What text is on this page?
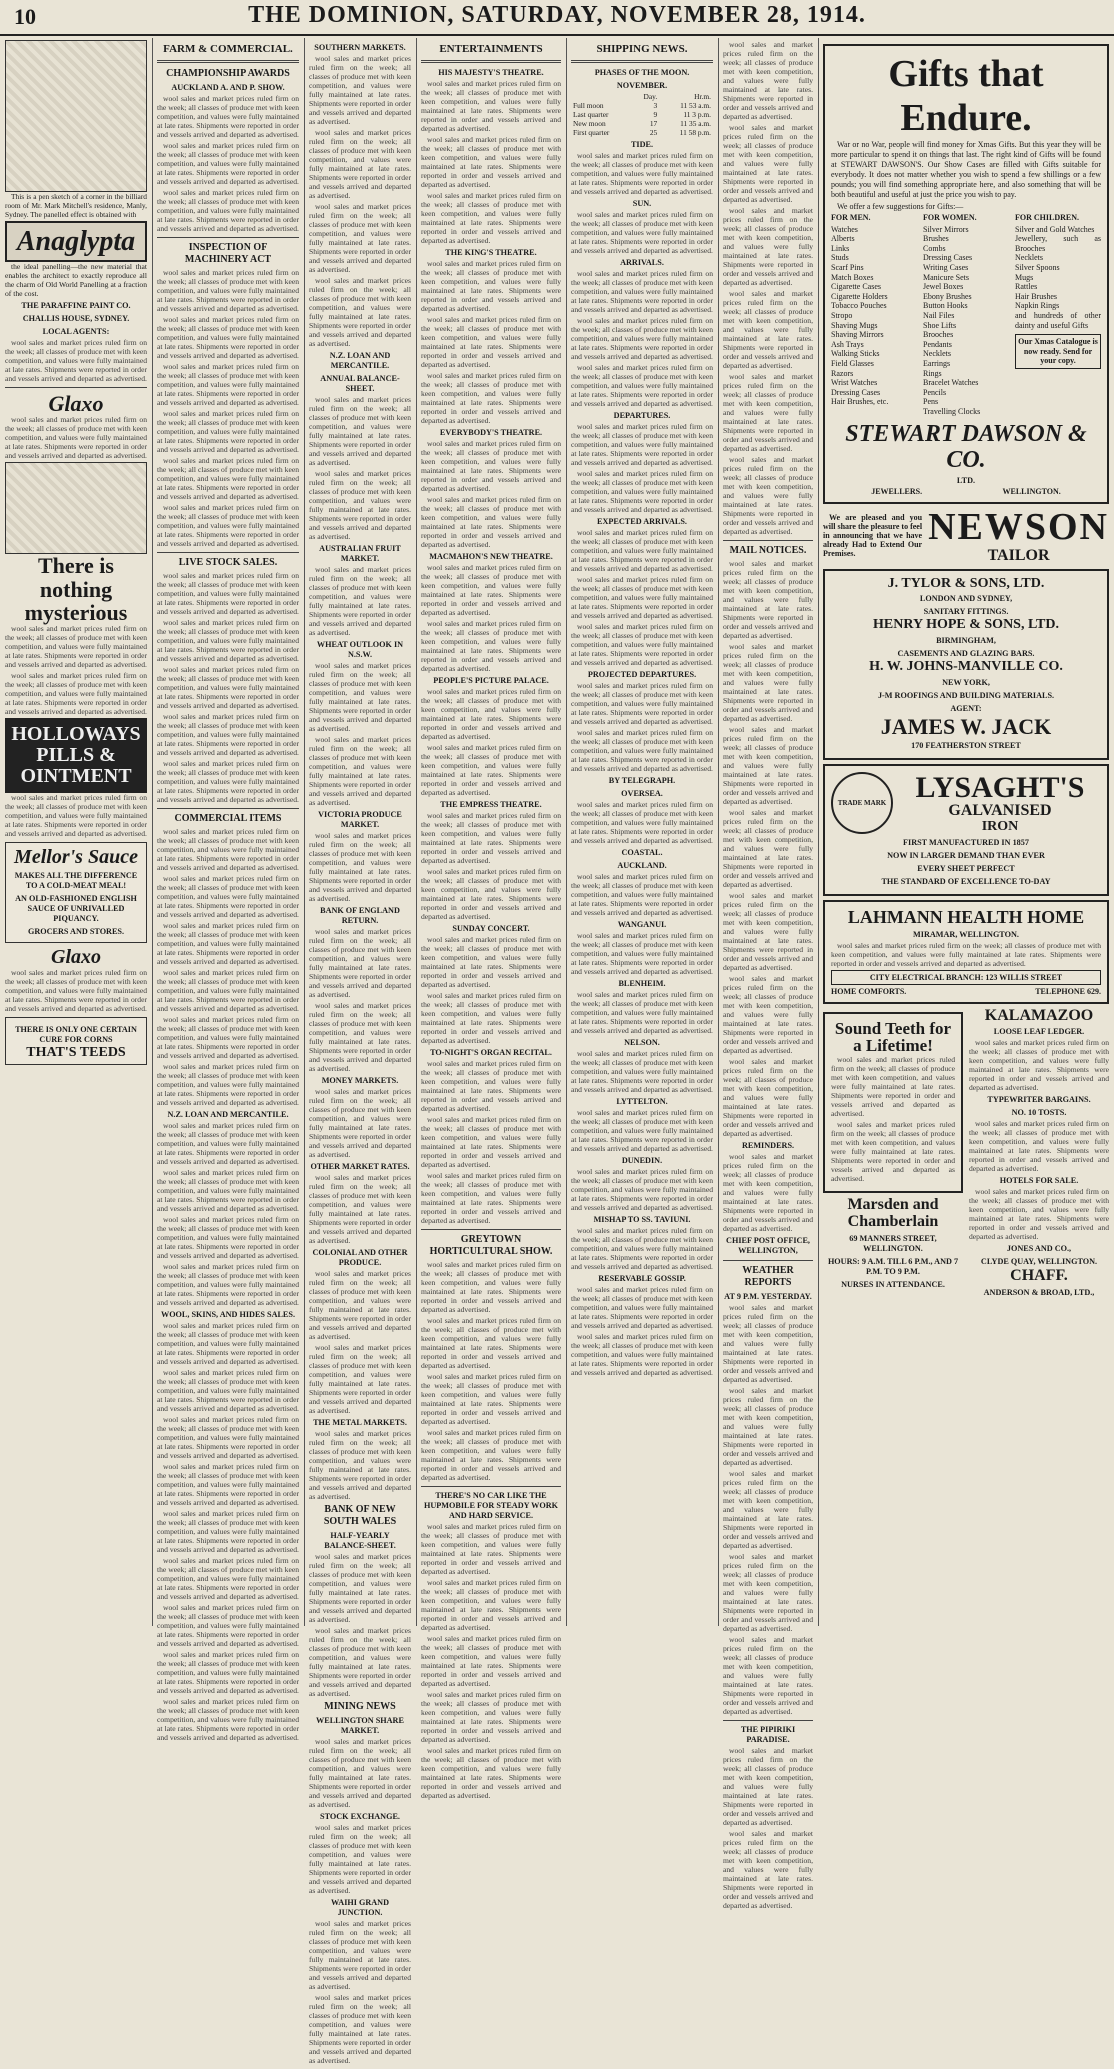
10	THE DOMINION, SATURDAY, NOVEMBER 28, 1914.

This is a pen sketch of a corner in the billiard room of Mr. Mark Mitchell's residence, Manly, Sydney. The panelled effect is obtained with

Anaglypta

the ideal panelling—the new material that enables the architect to exactly reproduce all the charm of Old World Panelling at a fraction of the cost.

THE PARAFFINE PAINT CO.
CHALLIS HOUSE, SYDNEY.
LOCAL AGENTS:

wool sales and market prices ruled firm on the week; all classes of produce met with keen competition, and values were fully maintained at late rates. Shipments were reported in order and vessels arrived and departed as advertised.

Glaxo

wool sales and market prices ruled firm on the week; all classes of produce met with keen competition, and values were fully maintained at late rates. Shipments were reported in order and vessels arrived and departed as advertised.

There is nothing mysterious

wool sales and market prices ruled firm on the week; all classes of produce met with keen competition, and values were fully maintained at late rates. Shipments were reported in order and vessels arrived and departed as advertised.

wool sales and market prices ruled firm on the week; all classes of produce met with keen competition, and values were fully maintained at late rates. Shipments were reported in order and vessels arrived and departed as advertised.

HOLLOWAYS PILLS & OINTMENT

wool sales and market prices ruled firm on the week; all classes of produce met with keen competition, and values were fully maintained at late rates. Shipments were reported in order and vessels arrived and departed as advertised.

Mellor's Sauce
MAKES ALL THE DIFFERENCE TO A COLD-MEAT MEAL!
AN OLD-FASHIONED ENGLISH SAUCE OF UNRIVALLED PIQUANCY.
GROCERS AND STORES.
Glaxo

wool sales and market prices ruled firm on the week; all classes of produce met with keen competition, and values were fully maintained at late rates. Shipments were reported in order and vessels arrived and departed as advertised.

THERE IS ONLY ONE CERTAIN CURE FOR CORNS
THAT'S TEEDS
FARM & COMMERCIAL.
CHAMPIONSHIP AWARDS
AUCKLAND A. AND P. SHOW.

wool sales and market prices ruled firm on the week; all classes of produce met with keen competition, and values were fully maintained at late rates. Shipments were reported in order and vessels arrived and departed as advertised.

wool sales and market prices ruled firm on the week; all classes of produce met with keen competition, and values were fully maintained at late rates. Shipments were reported in order and vessels arrived and departed as advertised.

wool sales and market prices ruled firm on the week; all classes of produce met with keen competition, and values were fully maintained at late rates. Shipments were reported in order and vessels arrived and departed as advertised.

INSPECTION OF MACHINERY ACT

wool sales and market prices ruled firm on the week; all classes of produce met with keen competition, and values were fully maintained at late rates. Shipments were reported in order and vessels arrived and departed as advertised.

wool sales and market prices ruled firm on the week; all classes of produce met with keen competition, and values were fully maintained at late rates. Shipments were reported in order and vessels arrived and departed as advertised.

wool sales and market prices ruled firm on the week; all classes of produce met with keen competition, and values were fully maintained at late rates. Shipments were reported in order and vessels arrived and departed as advertised.

wool sales and market prices ruled firm on the week; all classes of produce met with keen competition, and values were fully maintained at late rates. Shipments were reported in order and vessels arrived and departed as advertised.

wool sales and market prices ruled firm on the week; all classes of produce met with keen competition, and values were fully maintained at late rates. Shipments were reported in order and vessels arrived and departed as advertised.

wool sales and market prices ruled firm on the week; all classes of produce met with keen competition, and values were fully maintained at late rates. Shipments were reported in order and vessels arrived and departed as advertised.

LIVE STOCK SALES.

wool sales and market prices ruled firm on the week; all classes of produce met with keen competition, and values were fully maintained at late rates. Shipments were reported in order and vessels arrived and departed as advertised.

wool sales and market prices ruled firm on the week; all classes of produce met with keen competition, and values were fully maintained at late rates. Shipments were reported in order and vessels arrived and departed as advertised.

wool sales and market prices ruled firm on the week; all classes of produce met with keen competition, and values were fully maintained at late rates. Shipments were reported in order and vessels arrived and departed as advertised.

wool sales and market prices ruled firm on the week; all classes of produce met with keen competition, and values were fully maintained at late rates. Shipments were reported in order and vessels arrived and departed as advertised.

wool sales and market prices ruled firm on the week; all classes of produce met with keen competition, and values were fully maintained at late rates. Shipments were reported in order and vessels arrived and departed as advertised.

COMMERCIAL ITEMS

wool sales and market prices ruled firm on the week; all classes of produce met with keen competition, and values were fully maintained at late rates. Shipments were reported in order and vessels arrived and departed as advertised.

wool sales and market prices ruled firm on the week; all classes of produce met with keen competition, and values were fully maintained at late rates. Shipments were reported in order and vessels arrived and departed as advertised.

wool sales and market prices ruled firm on the week; all classes of produce met with keen competition, and values were fully maintained at late rates. Shipments were reported in order and vessels arrived and departed as advertised.

wool sales and market prices ruled firm on the week; all classes of produce met with keen competition, and values were fully maintained at late rates. Shipments were reported in order and vessels arrived and departed as advertised.

wool sales and market prices ruled firm on the week; all classes of produce met with keen competition, and values were fully maintained at late rates. Shipments were reported in order and vessels arrived and departed as advertised.

wool sales and market prices ruled firm on the week; all classes of produce met with keen competition, and values were fully maintained at late rates. Shipments were reported in order and vessels arrived and departed as advertised.

N.Z. LOAN AND MERCANTILE.

wool sales and market prices ruled firm on the week; all classes of produce met with keen competition, and values were fully maintained at late rates. Shipments were reported in order and vessels arrived and departed as advertised.

wool sales and market prices ruled firm on the week; all classes of produce met with keen competition, and values were fully maintained at late rates. Shipments were reported in order and vessels arrived and departed as advertised.

wool sales and market prices ruled firm on the week; all classes of produce met with keen competition, and values were fully maintained at late rates. Shipments were reported in order and vessels arrived and departed as advertised.

wool sales and market prices ruled firm on the week; all classes of produce met with keen competition, and values were fully maintained at late rates. Shipments were reported in order and vessels arrived and departed as advertised.

WOOL, SKINS, AND HIDES SALES.

wool sales and market prices ruled firm on the week; all classes of produce met with keen competition, and values were fully maintained at late rates. Shipments were reported in order and vessels arrived and departed as advertised.

wool sales and market prices ruled firm on the week; all classes of produce met with keen competition, and values were fully maintained at late rates. Shipments were reported in order and vessels arrived and departed as advertised.

wool sales and market prices ruled firm on the week; all classes of produce met with keen competition, and values were fully maintained at late rates. Shipments were reported in order and vessels arrived and departed as advertised.

wool sales and market prices ruled firm on the week; all classes of produce met with keen competition, and values were fully maintained at late rates. Shipments were reported in order and vessels arrived and departed as advertised.

wool sales and market prices ruled firm on the week; all classes of produce met with keen competition, and values were fully maintained at late rates. Shipments were reported in order and vessels arrived and departed as advertised.

wool sales and market prices ruled firm on the week; all classes of produce met with keen competition, and values were fully maintained at late rates. Shipments were reported in order and vessels arrived and departed as advertised.

wool sales and market prices ruled firm on the week; all classes of produce met with keen competition, and values were fully maintained at late rates. Shipments were reported in order and vessels arrived and departed as advertised.

wool sales and market prices ruled firm on the week; all classes of produce met with keen competition, and values were fully maintained at late rates. Shipments were reported in order and vessels arrived and departed as advertised.

wool sales and market prices ruled firm on the week; all classes of produce met with keen competition, and values were fully maintained at late rates. Shipments were reported in order and vessels arrived and departed as advertised.

SOUTHERN MARKETS.

wool sales and market prices ruled firm on the week; all classes of produce met with keen competition, and values were fully maintained at late rates. Shipments were reported in order and vessels arrived and departed as advertised.

wool sales and market prices ruled firm on the week; all classes of produce met with keen competition, and values were fully maintained at late rates. Shipments were reported in order and vessels arrived and departed as advertised.

wool sales and market prices ruled firm on the week; all classes of produce met with keen competition, and values were fully maintained at late rates. Shipments were reported in order and vessels arrived and departed as advertised.

wool sales and market prices ruled firm on the week; all classes of produce met with keen competition, and values were fully maintained at late rates. Shipments were reported in order and vessels arrived and departed as advertised.

N.Z. LOAN AND MERCANTILE.
ANNUAL BALANCE-SHEET.

wool sales and market prices ruled firm on the week; all classes of produce met with keen competition, and values were fully maintained at late rates. Shipments were reported in order and vessels arrived and departed as advertised.

wool sales and market prices ruled firm on the week; all classes of produce met with keen competition, and values were fully maintained at late rates. Shipments were reported in order and vessels arrived and departed as advertised.

AUSTRALIAN FRUIT MARKET.

wool sales and market prices ruled firm on the week; all classes of produce met with keen competition, and values were fully maintained at late rates. Shipments were reported in order and vessels arrived and departed as advertised.

WHEAT OUTLOOK IN N.S.W.

wool sales and market prices ruled firm on the week; all classes of produce met with keen competition, and values were fully maintained at late rates. Shipments were reported in order and vessels arrived and departed as advertised.

wool sales and market prices ruled firm on the week; all classes of produce met with keen competition, and values were fully maintained at late rates. Shipments were reported in order and vessels arrived and departed as advertised.

VICTORIA PRODUCE MARKET.

wool sales and market prices ruled firm on the week; all classes of produce met with keen competition, and values were fully maintained at late rates. Shipments were reported in order and vessels arrived and departed as advertised.

BANK OF ENGLAND RETURN.

wool sales and market prices ruled firm on the week; all classes of produce met with keen competition, and values were fully maintained at late rates. Shipments were reported in order and vessels arrived and departed as advertised.

wool sales and market prices ruled firm on the week; all classes of produce met with keen competition, and values were fully maintained at late rates. Shipments were reported in order and vessels arrived and departed as advertised.

MONEY MARKETS.

wool sales and market prices ruled firm on the week; all classes of produce met with keen competition, and values were fully maintained at late rates. Shipments were reported in order and vessels arrived and departed as advertised.

OTHER MARKET RATES.

wool sales and market prices ruled firm on the week; all classes of produce met with keen competition, and values were fully maintained at late rates. Shipments were reported in order and vessels arrived and departed as advertised.

COLONIAL AND OTHER PRODUCE.

wool sales and market prices ruled firm on the week; all classes of produce met with keen competition, and values were fully maintained at late rates. Shipments were reported in order and vessels arrived and departed as advertised.

wool sales and market prices ruled firm on the week; all classes of produce met with keen competition, and values were fully maintained at late rates. Shipments were reported in order and vessels arrived and departed as advertised.

THE METAL MARKETS.

wool sales and market prices ruled firm on the week; all classes of produce met with keen competition, and values were fully maintained at late rates. Shipments were reported in order and vessels arrived and departed as advertised.

BANK OF NEW SOUTH WALES
HALF-YEARLY BALANCE-SHEET.

wool sales and market prices ruled firm on the week; all classes of produce met with keen competition, and values were fully maintained at late rates. Shipments were reported in order and vessels arrived and departed as advertised.

wool sales and market prices ruled firm on the week; all classes of produce met with keen competition, and values were fully maintained at late rates. Shipments were reported in order and vessels arrived and departed as advertised.

MINING NEWS
WELLINGTON SHARE MARKET.

wool sales and market prices ruled firm on the week; all classes of produce met with keen competition, and values were fully maintained at late rates. Shipments were reported in order and vessels arrived and departed as advertised.

STOCK EXCHANGE.

wool sales and market prices ruled firm on the week; all classes of produce met with keen competition, and values were fully maintained at late rates. Shipments were reported in order and vessels arrived and departed as advertised.

WAIHI GRAND JUNCTION.

wool sales and market prices ruled firm on the week; all classes of produce met with keen competition, and values were fully maintained at late rates. Shipments were reported in order and vessels arrived and departed as advertised.

wool sales and market prices ruled firm on the week; all classes of produce met with keen competition, and values were fully maintained at late rates. Shipments were reported in order and vessels arrived and departed as advertised.

ENTERTAINMENTS
HIS MAJESTY'S THEATRE.

wool sales and market prices ruled firm on the week; all classes of produce met with keen competition, and values were fully maintained at late rates. Shipments were reported in order and vessels arrived and departed as advertised.

wool sales and market prices ruled firm on the week; all classes of produce met with keen competition, and values were fully maintained at late rates. Shipments were reported in order and vessels arrived and departed as advertised.

wool sales and market prices ruled firm on the week; all classes of produce met with keen competition, and values were fully maintained at late rates. Shipments were reported in order and vessels arrived and departed as advertised.

THE KING'S THEATRE.

wool sales and market prices ruled firm on the week; all classes of produce met with keen competition, and values were fully maintained at late rates. Shipments were reported in order and vessels arrived and departed as advertised.

wool sales and market prices ruled firm on the week; all classes of produce met with keen competition, and values were fully maintained at late rates. Shipments were reported in order and vessels arrived and departed as advertised.

wool sales and market prices ruled firm on the week; all classes of produce met with keen competition, and values were fully maintained at late rates. Shipments were reported in order and vessels arrived and departed as advertised.

EVERYBODY'S THEATRE.

wool sales and market prices ruled firm on the week; all classes of produce met with keen competition, and values were fully maintained at late rates. Shipments were reported in order and vessels arrived and departed as advertised.

wool sales and market prices ruled firm on the week; all classes of produce met with keen competition, and values were fully maintained at late rates. Shipments were reported in order and vessels arrived and departed as advertised.

MACMAHON'S NEW THEATRE.

wool sales and market prices ruled firm on the week; all classes of produce met with keen competition, and values were fully maintained at late rates. Shipments were reported in order and vessels arrived and departed as advertised.

wool sales and market prices ruled firm on the week; all classes of produce met with keen competition, and values were fully maintained at late rates. Shipments were reported in order and vessels arrived and departed as advertised.

PEOPLE'S PICTURE PALACE.

wool sales and market prices ruled firm on the week; all classes of produce met with keen competition, and values were fully maintained at late rates. Shipments were reported in order and vessels arrived and departed as advertised.

wool sales and market prices ruled firm on the week; all classes of produce met with keen competition, and values were fully maintained at late rates. Shipments were reported in order and vessels arrived and departed as advertised.

THE EMPRESS THEATRE.

wool sales and market prices ruled firm on the week; all classes of produce met with keen competition, and values were fully maintained at late rates. Shipments were reported in order and vessels arrived and departed as advertised.

wool sales and market prices ruled firm on the week; all classes of produce met with keen competition, and values were fully maintained at late rates. Shipments were reported in order and vessels arrived and departed as advertised.

SUNDAY CONCERT.

wool sales and market prices ruled firm on the week; all classes of produce met with keen competition, and values were fully maintained at late rates. Shipments were reported in order and vessels arrived and departed as advertised.

wool sales and market prices ruled firm on the week; all classes of produce met with keen competition, and values were fully maintained at late rates. Shipments were reported in order and vessels arrived and departed as advertised.

TO-NIGHT'S ORGAN RECITAL.

wool sales and market prices ruled firm on the week; all classes of produce met with keen competition, and values were fully maintained at late rates. Shipments were reported in order and vessels arrived and departed as advertised.

wool sales and market prices ruled firm on the week; all classes of produce met with keen competition, and values were fully maintained at late rates. Shipments were reported in order and vessels arrived and departed as advertised.

wool sales and market prices ruled firm on the week; all classes of produce met with keen competition, and values were fully maintained at late rates. Shipments were reported in order and vessels arrived and departed as advertised.

GREYTOWN HORTICULTURAL SHOW.

wool sales and market prices ruled firm on the week; all classes of produce met with keen competition, and values were fully maintained at late rates. Shipments were reported in order and vessels arrived and departed as advertised.

wool sales and market prices ruled firm on the week; all classes of produce met with keen competition, and values were fully maintained at late rates. Shipments were reported in order and vessels arrived and departed as advertised.

wool sales and market prices ruled firm on the week; all classes of produce met with keen competition, and values were fully maintained at late rates. Shipments were reported in order and vessels arrived and departed as advertised.

wool sales and market prices ruled firm on the week; all classes of produce met with keen competition, and values were fully maintained at late rates. Shipments were reported in order and vessels arrived and departed as advertised.

THERE'S NO CAR LIKE THE HUPMOBILE FOR STEADY WORK AND HARD SERVICE.

wool sales and market prices ruled firm on the week; all classes of produce met with keen competition, and values were fully maintained at late rates. Shipments were reported in order and vessels arrived and departed as advertised.

wool sales and market prices ruled firm on the week; all classes of produce met with keen competition, and values were fully maintained at late rates. Shipments were reported in order and vessels arrived and departed as advertised.

wool sales and market prices ruled firm on the week; all classes of produce met with keen competition, and values were fully maintained at late rates. Shipments were reported in order and vessels arrived and departed as advertised.

wool sales and market prices ruled firm on the week; all classes of produce met with keen competition, and values were fully maintained at late rates. Shipments were reported in order and vessels arrived and departed as advertised.

wool sales and market prices ruled firm on the week; all classes of produce met with keen competition, and values were fully maintained at late rates. Shipments were reported in order and vessels arrived and departed as advertised.

SHIPPING NEWS.
PHASES OF THE MOON.
NOVEMBER.
	Day.	Hr.m.
Full moon	3	11 53 a.m.
Last quarter	9	11 3 p.m.
New moon	17	11 35 a.m.
First quarter	25	11 58 p.m.
TIDE.

wool sales and market prices ruled firm on the week; all classes of produce met with keen competition, and values were fully maintained at late rates. Shipments were reported in order and vessels arrived and departed as advertised.

SUN.

wool sales and market prices ruled firm on the week; all classes of produce met with keen competition, and values were fully maintained at late rates. Shipments were reported in order and vessels arrived and departed as advertised.

ARRIVALS.

wool sales and market prices ruled firm on the week; all classes of produce met with keen competition, and values were fully maintained at late rates. Shipments were reported in order and vessels arrived and departed as advertised.

wool sales and market prices ruled firm on the week; all classes of produce met with keen competition, and values were fully maintained at late rates. Shipments were reported in order and vessels arrived and departed as advertised.

wool sales and market prices ruled firm on the week; all classes of produce met with keen competition, and values were fully maintained at late rates. Shipments were reported in order and vessels arrived and departed as advertised.

DEPARTURES.

wool sales and market prices ruled firm on the week; all classes of produce met with keen competition, and values were fully maintained at late rates. Shipments were reported in order and vessels arrived and departed as advertised.

wool sales and market prices ruled firm on the week; all classes of produce met with keen competition, and values were fully maintained at late rates. Shipments were reported in order and vessels arrived and departed as advertised.

EXPECTED ARRIVALS.

wool sales and market prices ruled firm on the week; all classes of produce met with keen competition, and values were fully maintained at late rates. Shipments were reported in order and vessels arrived and departed as advertised.

wool sales and market prices ruled firm on the week; all classes of produce met with keen competition, and values were fully maintained at late rates. Shipments were reported in order and vessels arrived and departed as advertised.

wool sales and market prices ruled firm on the week; all classes of produce met with keen competition, and values were fully maintained at late rates. Shipments were reported in order and vessels arrived and departed as advertised.

PROJECTED DEPARTURES.

wool sales and market prices ruled firm on the week; all classes of produce met with keen competition, and values were fully maintained at late rates. Shipments were reported in order and vessels arrived and departed as advertised.

wool sales and market prices ruled firm on the week; all classes of produce met with keen competition, and values were fully maintained at late rates. Shipments were reported in order and vessels arrived and departed as advertised.

BY TELEGRAPH.
OVERSEA.

wool sales and market prices ruled firm on the week; all classes of produce met with keen competition, and values were fully maintained at late rates. Shipments were reported in order and vessels arrived and departed as advertised.

COASTAL.
AUCKLAND.

wool sales and market prices ruled firm on the week; all classes of produce met with keen competition, and values were fully maintained at late rates. Shipments were reported in order and vessels arrived and departed as advertised.

WANGANUI.

wool sales and market prices ruled firm on the week; all classes of produce met with keen competition, and values were fully maintained at late rates. Shipments were reported in order and vessels arrived and departed as advertised.

BLENHEIM.

wool sales and market prices ruled firm on the week; all classes of produce met with keen competition, and values were fully maintained at late rates. Shipments were reported in order and vessels arrived and departed as advertised.

NELSON.

wool sales and market prices ruled firm on the week; all classes of produce met with keen competition, and values were fully maintained at late rates. Shipments were reported in order and vessels arrived and departed as advertised.

LYTTELTON.

wool sales and market prices ruled firm on the week; all classes of produce met with keen competition, and values were fully maintained at late rates. Shipments were reported in order and vessels arrived and departed as advertised.

DUNEDIN.

wool sales and market prices ruled firm on the week; all classes of produce met with keen competition, and values were fully maintained at late rates. Shipments were reported in order and vessels arrived and departed as advertised.

MISHAP TO SS. TAVIUNI.

wool sales and market prices ruled firm on the week; all classes of produce met with keen competition, and values were fully maintained at late rates. Shipments were reported in order and vessels arrived and departed as advertised.

RESERVABLE GOSSIP.

wool sales and market prices ruled firm on the week; all classes of produce met with keen competition, and values were fully maintained at late rates. Shipments were reported in order and vessels arrived and departed as advertised.

wool sales and market prices ruled firm on the week; all classes of produce met with keen competition, and values were fully maintained at late rates. Shipments were reported in order and vessels arrived and departed as advertised.

wool sales and market prices ruled firm on the week; all classes of produce met with keen competition, and values were fully maintained at late rates. Shipments were reported in order and vessels arrived and departed as advertised.

wool sales and market prices ruled firm on the week; all classes of produce met with keen competition, and values were fully maintained at late rates. Shipments were reported in order and vessels arrived and departed as advertised.

wool sales and market prices ruled firm on the week; all classes of produce met with keen competition, and values were fully maintained at late rates. Shipments were reported in order and vessels arrived and departed as advertised.

wool sales and market prices ruled firm on the week; all classes of produce met with keen competition, and values were fully maintained at late rates. Shipments were reported in order and vessels arrived and departed as advertised.

wool sales and market prices ruled firm on the week; all classes of produce met with keen competition, and values were fully maintained at late rates. Shipments were reported in order and vessels arrived and departed as advertised.

wool sales and market prices ruled firm on the week; all classes of produce met with keen competition, and values were fully maintained at late rates. Shipments were reported in order and vessels arrived and departed as advertised.

MAIL NOTICES.

wool sales and market prices ruled firm on the week; all classes of produce met with keen competition, and values were fully maintained at late rates. Shipments were reported in order and vessels arrived and departed as advertised.

wool sales and market prices ruled firm on the week; all classes of produce met with keen competition, and values were fully maintained at late rates. Shipments were reported in order and vessels arrived and departed as advertised.

wool sales and market prices ruled firm on the week; all classes of produce met with keen competition, and values were fully maintained at late rates. Shipments were reported in order and vessels arrived and departed as advertised.

wool sales and market prices ruled firm on the week; all classes of produce met with keen competition, and values were fully maintained at late rates. Shipments were reported in order and vessels arrived and departed as advertised.

wool sales and market prices ruled firm on the week; all classes of produce met with keen competition, and values were fully maintained at late rates. Shipments were reported in order and vessels arrived and departed as advertised.

wool sales and market prices ruled firm on the week; all classes of produce met with keen competition, and values were fully maintained at late rates. Shipments were reported in order and vessels arrived and departed as advertised.

wool sales and market prices ruled firm on the week; all classes of produce met with keen competition, and values were fully maintained at late rates. Shipments were reported in order and vessels arrived and departed as advertised.

REMINDERS.

wool sales and market prices ruled firm on the week; all classes of produce met with keen competition, and values were fully maintained at late rates. Shipments were reported in order and vessels arrived and departed as advertised.

CHIEF POST OFFICE, WELLINGTON,
WEATHER REPORTS
AT 9 P.M. YESTERDAY.

wool sales and market prices ruled firm on the week; all classes of produce met with keen competition, and values were fully maintained at late rates. Shipments were reported in order and vessels arrived and departed as advertised.

wool sales and market prices ruled firm on the week; all classes of produce met with keen competition, and values were fully maintained at late rates. Shipments were reported in order and vessels arrived and departed as advertised.

wool sales and market prices ruled firm on the week; all classes of produce met with keen competition, and values were fully maintained at late rates. Shipments were reported in order and vessels arrived and departed as advertised.

wool sales and market prices ruled firm on the week; all classes of produce met with keen competition, and values were fully maintained at late rates. Shipments were reported in order and vessels arrived and departed as advertised.

wool sales and market prices ruled firm on the week; all classes of produce met with keen competition, and values were fully maintained at late rates. Shipments were reported in order and vessels arrived and departed as advertised.

THE PIPIRIKI PARADISE.

wool sales and market prices ruled firm on the week; all classes of produce met with keen competition, and values were fully maintained at late rates. Shipments were reported in order and vessels arrived and departed as advertised.

wool sales and market prices ruled firm on the week; all classes of produce met with keen competition, and values were fully maintained at late rates. Shipments were reported in order and vessels arrived and departed as advertised.

Gifts that Endure.

War or no War, people will find money for Xmas Gifts. But this year they will be more particular to spend it on things that last. The right kind of Gifts will be found at STEWART DAWSON'S. Our Show Cases are filled with Gifts suitable for everybody. It does not matter whether you wish to spend a few shillings or a few pounds; you will find something appropriate here, and also something that will be both beautiful and useful at just the price you wish to pay.

We offer a few suggestions for Gifts:—

FOR MEN.
Watches
Alberts
Links
Studs
Scarf Pins
Match Boxes
Cigarette Cases
Cigarette Holders
Tobacco Pouches
Stropo
Shaving Mugs
Shaving Mirrors
Ash Trays
Walking Sticks
Field Glasses
Razors
Wrist Watches
Dressing Cases
Hair Brushes, etc.
FOR WOMEN.
Silver Mirrors
Brushes
Combs
Dressing Cases
Writing Cases
Manicure Sets
Jewel Boxes
Ebony Brushes
Button Hooks
Nail Files
Shoe Lifts
Brooches
Pendants
Necklets
Earrings
Rings
Bracelet Watches
Pencils
Pens
Travelling Clocks
FOR CHILDREN.
Silver and Gold Watches
Jewellery, such as Brooches
Necklets
Silver Spoons
Mugs
Rattles
Hair Brushes
Napkin Rings
and hundreds of other dainty and useful Gifts
Our Xmas Catalogue is now ready. Send for your copy.
STEWART DAWSON & CO.
LTD.
JEWELLERS.	WELLINGTON.

We are pleased and you will share the pleasure to feel in announcing that we have already Had to Extend Our Premises.

NEWSON
TAILOR
J. TYLOR & SONS, LTD.
LONDON AND SYDNEY,
SANITARY FITTINGS.
HENRY HOPE & SONS, LTD.
BIRMINGHAM,
CASEMENTS AND GLAZING BARS.
H. W. JOHNS-MANVILLE CO.
NEW YORK,
J-M ROOFINGS AND BUILDING MATERIALS.
AGENT:
JAMES W. JACK
170 FEATHERSTON STREET
TRADE MARK LYSAGHT'S
GALVANISED
IRON
FIRST MANUFACTURED IN 1857
NOW IN LARGER DEMAND THAN EVER
EVERY SHEET PERFECT
THE STANDARD OF EXCELLENCE TO-DAY
LAHMANN HEALTH HOME
MIRAMAR, WELLINGTON.

wool sales and market prices ruled firm on the week; all classes of produce met with keen competition, and values were fully maintained at late rates. Shipments were reported in order and vessels arrived and departed as advertised.

CITY ELECTRICAL BRANCH: 123 WILLIS STREET
HOME COMFORTS.	TELEPHONE 629.
Sound Teeth for a Lifetime!

wool sales and market prices ruled firm on the week; all classes of produce met with keen competition, and values were fully maintained at late rates. Shipments were reported in order and vessels arrived and departed as advertised.

wool sales and market prices ruled firm on the week; all classes of produce met with keen competition, and values were fully maintained at late rates. Shipments were reported in order and vessels arrived and departed as advertised.

Marsden and Chamberlain
69 MANNERS STREET, WELLINGTON.
HOURS: 9 A.M. TILL 6 P.M., AND 7 P.M. TO 9 P.M.
NURSES IN ATTENDANCE.
KALAMAZOO
LOOSE LEAF LEDGER.

wool sales and market prices ruled firm on the week; all classes of produce met with keen competition, and values were fully maintained at late rates. Shipments were reported in order and vessels arrived and departed as advertised.

TYPEWRITER BARGAINS.
NO. 10 TOSTS.

wool sales and market prices ruled firm on the week; all classes of produce met with keen competition, and values were fully maintained at late rates. Shipments were reported in order and vessels arrived and departed as advertised.

HOTELS FOR SALE.

wool sales and market prices ruled firm on the week; all classes of produce met with keen competition, and values were fully maintained at late rates. Shipments were reported in order and vessels arrived and departed as advertised.

JONES AND CO.,
CLYDE QUAY, WELLINGTON.
CHAFF.
ANDERSON & BROAD, LTD.,
